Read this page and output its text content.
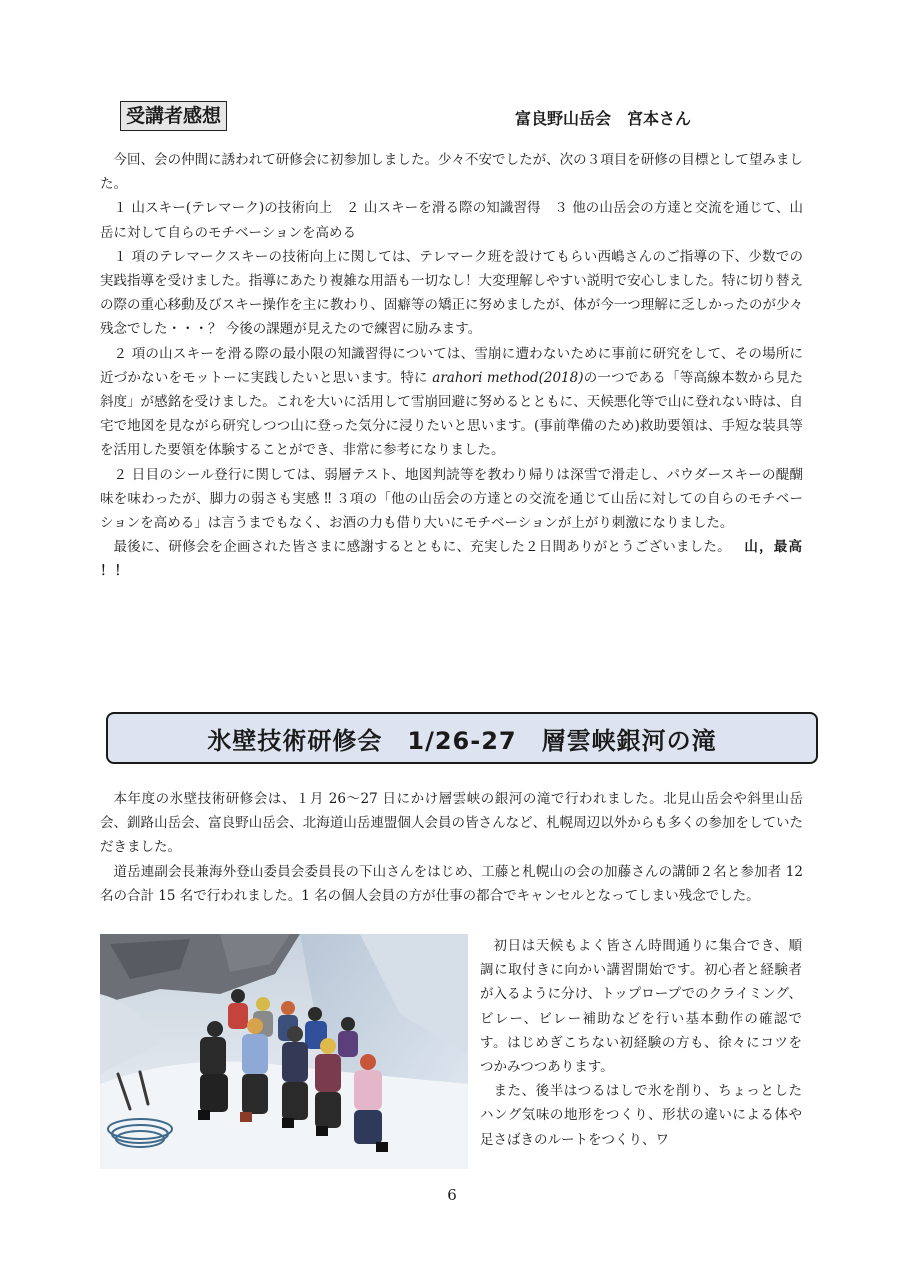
受講者感想	富良野山岳会　宮本さん

今回、会の仲間に誘われて研修会に初参加しました。少々不安でしたが、次の３項目を研修の目標として望みました。

１ 山スキー(テレマーク)の技術向上　２ 山スキーを滑る際の知識習得　３ 他の山岳会の方達と交流を通じて、山岳に対して自らのモチベーションを高める

１ 項のテレマークスキーの技術向上に関しては、テレマーク班を設けてもらい西嶋さんのご指導の下、少数での実践指導を受けました。指導にあたり複雑な用語も一切なし！大変理解しやすい説明で安心しました。特に切り替えの際の重心移動及びスキー操作を主に教わり、固癖等の矯正に努めましたが、体が今一つ理解に乏しかったのが少々残念でした・・・？ 今後の課題が見えたので練習に励みます。

２ 項の山スキーを滑る際の最小限の知識習得については、雪崩に遭わないために事前に研究をして、その場所に近づかないをモットーに実践したいと思います。特に arahori method(2018)の一つである「等高線本数から見た斜度」が感銘を受けました。これを大いに活用して雪崩回避に努めるとともに、天候悪化等で山に登れない時は、自宅で地図を見ながら研究しつつ山に登った気分に浸りたいと思います。(事前準備のため)救助要領は、手短な装具等を活用した要領を体験することができ、非常に参考になりました。

２ 日目のシール登行に関しては、弱層テスト、地図判読等を教わり帰りは深雪で滑走し、パウダースキーの醍醐味を味わったが、脚力の弱さも実感 ‼ ３項の「他の山岳会の方達との交流を通じて山岳に対しての自らのモチベーションを高める」は言うまでもなく、お酒の力も借り大いにモチベーションが上がり刺激になりました。

最後に、研修会を企画された皆さまに感謝するとともに、充実した２日間ありがとうございました。 山，最高 ！！

氷壁技術研修会　1/26-27　層雲峡銀河の滝

本年度の氷壁技術研修会は、１月 26〜27 日にかけ層雲峡の銀河の滝で行われました。北見山岳会や斜里山岳会、釧路山岳会、富良野山岳会、北海道山岳連盟個人会員の皆さんなど、札幌周辺以外からも多くの参加をしていただきました。

道岳連副会長兼海外登山委員会委員長の下山さんをはじめ、工藤と札幌山の会の加藤さんの講師２名と参加者 12 名の合計 15 名で行われました。1 名の個人会員の方が仕事の都合でキャンセルとなってしまい残念でした。

初日は天候もよく皆さん時間通りに集合でき、順調に取付きに向かい講習開始です。初心者と経験者が入るように分け、トップロープでのクライミング、ビレー、ビレー補助などを行い基本動作の確認です。はじめぎこちない初経験の方も、徐々にコツをつかみつつあります。

また、後半はつるはしで氷を削り、ちょっとしたハング気味の地形をつくり、形状の違いによる体や足さばきのルートをつくり、ワ

6
